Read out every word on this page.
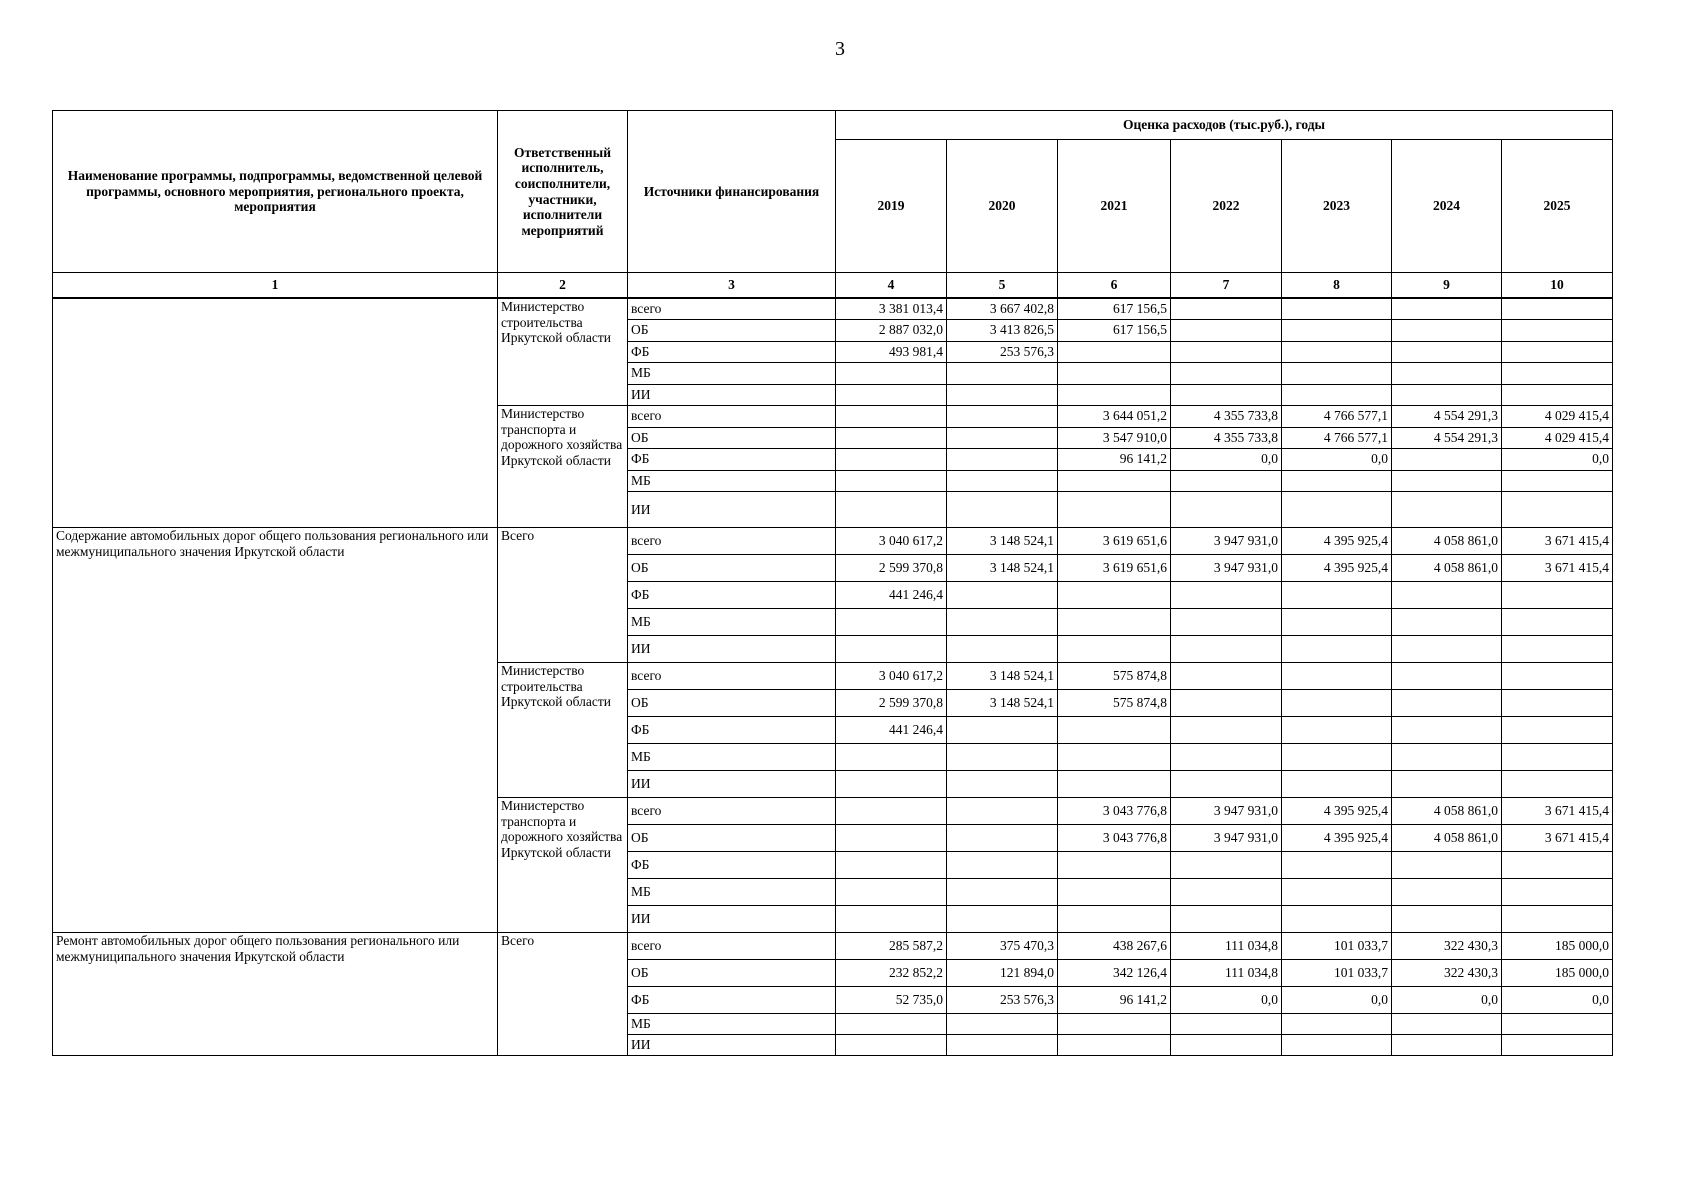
3
Наименование программы, подпрограммы, ведомственной целевой программы, основного мероприятия, регионального проекта, мероприятия	Ответственный исполнитель, соисполнители, участники, исполнители мероприятий	Источники финансирования	Оценка расходов (тыс.руб.), годы						
			2019	2020	2021	2022	2023	2024	2025
1	2	3	4	5	6	7	8	9	10
	Министерство строительства Иркутской области	всего	3 381 013,4	3 667 402,8	617 156,5				
		ОБ	2 887 032,0	3 413 826,5	617 156,5				
		ФБ	493 981,4	253 576,3					
		МБ							
		ИИ							
	Министерство транспорта и дорожного хозяйства Иркутской области	всего			3 644 051,2	4 355 733,8	4 766 577,1	4 554 291,3	4 029 415,4
		ОБ			3 547 910,0	4 355 733,8	4 766 577,1	4 554 291,3	4 029 415,4
		ФБ			96 141,2	0,0	0,0		0,0
		МБ							
		ИИ							
Содержание автомобильных дорог общего пользования регионального или межмуниципального значения Иркутской области	Всего	всего	3 040 617,2	3 148 524,1	3 619 651,6	3 947 931,0	4 395 925,4	4 058 861,0	3 671 415,4
		ОБ	2 599 370,8	3 148 524,1	3 619 651,6	3 947 931,0	4 395 925,4	4 058 861,0	3 671 415,4
		ФБ	441 246,4						
		МБ							
		ИИ							
	Министерство строительства Иркутской области	всего	3 040 617,2	3 148 524,1	575 874,8				
		ОБ	2 599 370,8	3 148 524,1	575 874,8				
		ФБ	441 246,4						
		МБ							
		ИИ							
	Министерство транспорта и дорожного хозяйства Иркутской области	всего			3 043 776,8	3 947 931,0	4 395 925,4	4 058 861,0	3 671 415,4
		ОБ			3 043 776,8	3 947 931,0	4 395 925,4	4 058 861,0	3 671 415,4
		ФБ							
		МБ							
		ИИ							
Ремонт автомобильных дорог общего пользования регионального или межмуниципального значения Иркутской области	Всего	всего	285 587,2	375 470,3	438 267,6	111 034,8	101 033,7	322 430,3	185 000,0
		ОБ	232 852,2	121 894,0	342 126,4	111 034,8	101 033,7	322 430,3	185 000,0
		ФБ	52 735,0	253 576,3	96 141,2	0,0	0,0	0,0	0,0
		МБ							
		ИИ							
